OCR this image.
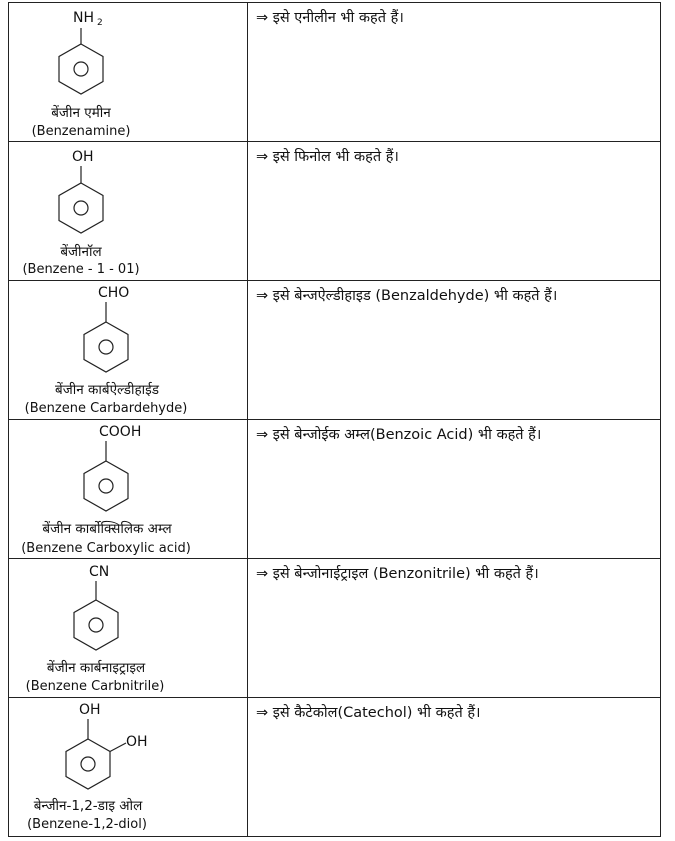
NH 2
बेंजीन एमीन
(Benzenamine)	⇒ इसे एनीलीन भी कहते हैं।

OH
बेंजीनॉल
(Benzene - 1 - 01)	⇒ इसे फिनोल भी कहते हैं।

CHO
बेंजीन कार्बऐल्डीहाईड
(Benzene Carbardehyde)	⇒ इसे बेन्जऐल्डीहाइड (Benzaldehyde) भी कहते हैं।

COOH
बेंजीन कार्बोक्सिलिक अम्ल
(Benzene Carboxylic acid)	⇒ इसे बेन्जोईक अम्ल(Benzoic Acid) भी कहते हैं।

CN
बेंजीन कार्बनाइट्राइल
(Benzene Carbnitrile)	⇒ इसे बेन्जोनाईट्राइल (Benzonitrile) भी कहते हैं।

OH
OH
बेन्जीन-1,2-डाइ ओल
(Benzene-1,2-diol)	⇒ इसे कैटेकोल(Catechol) भी कहते हैं।
